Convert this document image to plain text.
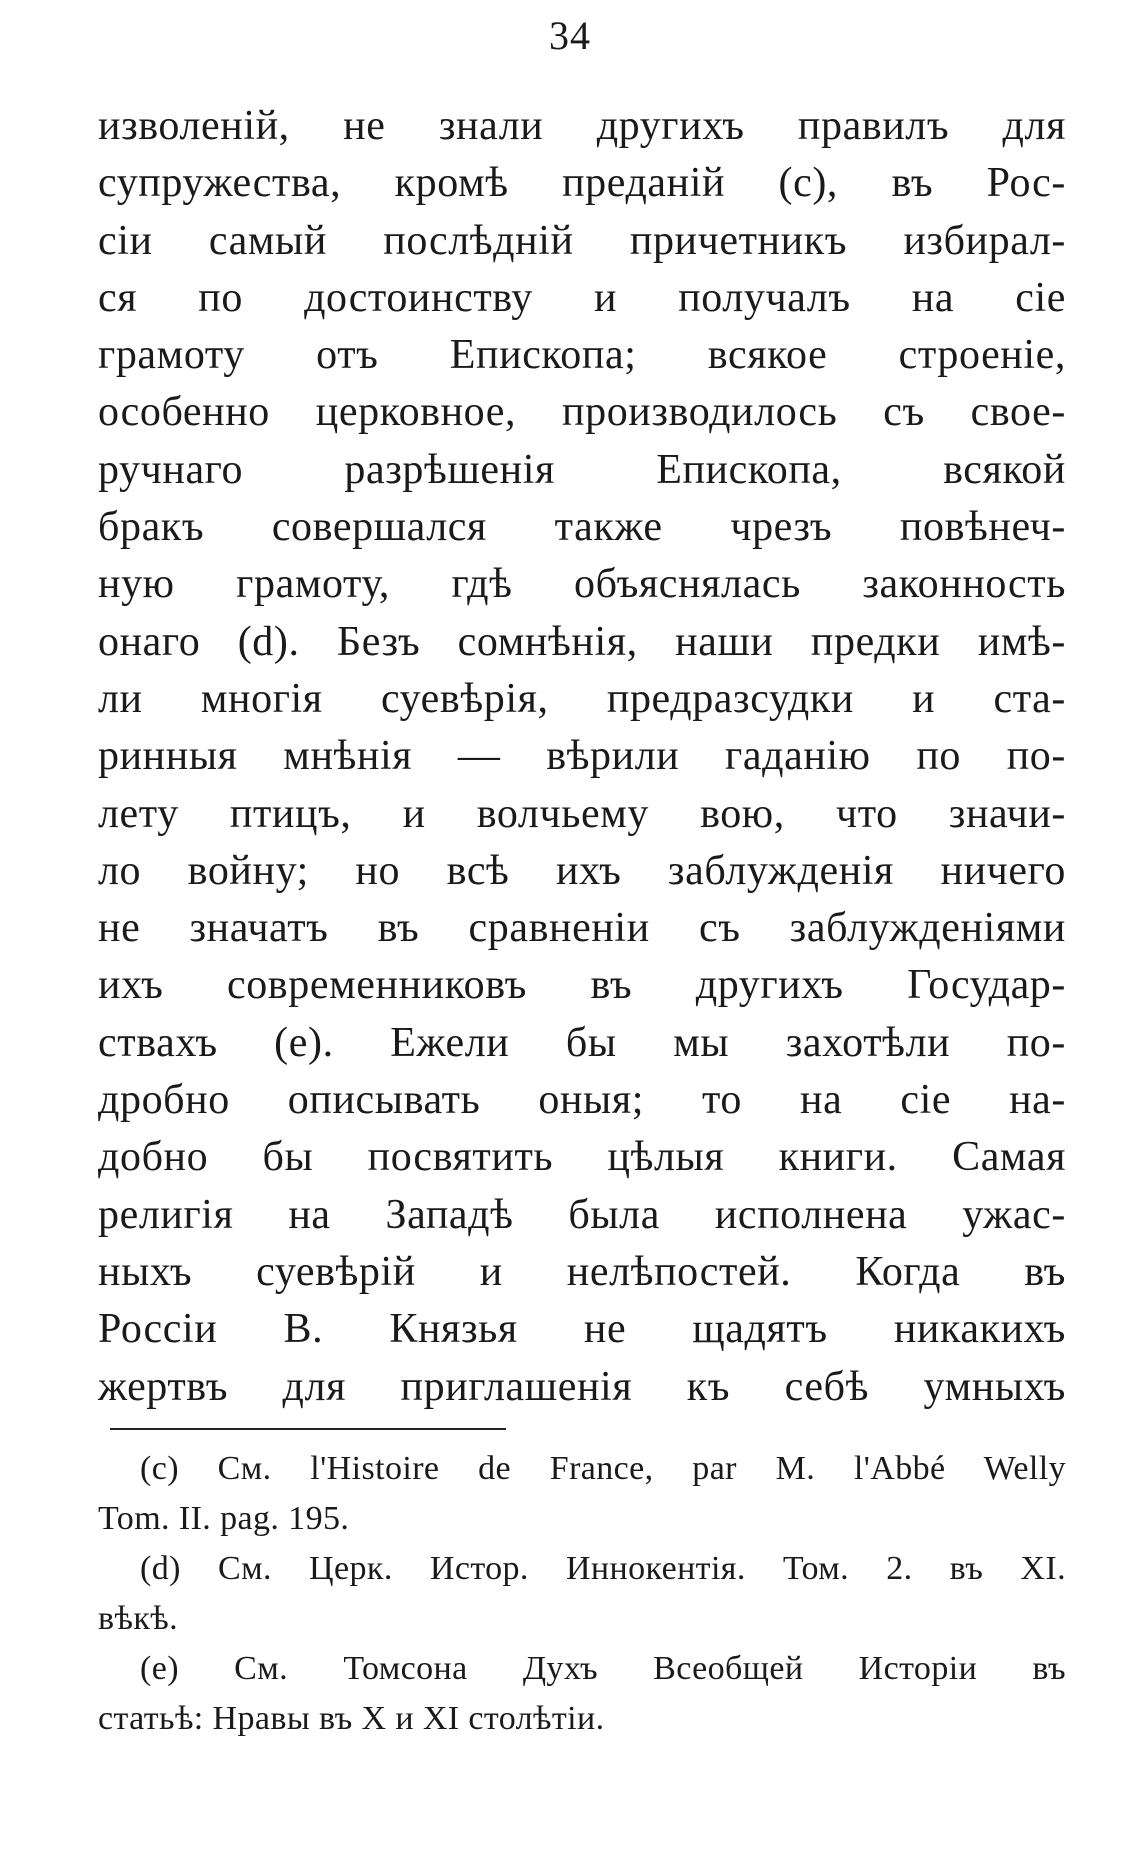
34
изволеній, не знали другихъ правилъ для
супружества, кромѣ преданій (с), въ Рос-
сіи самый послѣдній причетникъ избирал-
ся по достоинству и получалъ на сіе
грамоту отъ Епископа; всякое строеніе,
особенно церковное, производилось съ свое-
ручнаго разрѣшенія Епископа, всякой
бракъ совершался также чрезъ повѣнеч-
ную грамоту, гдѣ объяснялась законность
онаго (d). Безъ сомнѣнія, наши предки имѣ-
ли многія суевѣрія, предразсудки и ста-
ринныя мнѣнія — вѣрили гаданію по по-
лету птицъ, и волчьему вою, что значи-
ло войну; но всѣ ихъ заблужденія ничего
не значатъ въ сравненіи съ заблужденіями
ихъ современниковъ въ другихъ Государ-
ствахъ (е). Ежели бы мы захотѣли по-
дробно описывать оныя; то на сіе на-
добно бы посвятить цѣлыя книги. Самая
религія на Западѣ была исполнена ужас-
ныхъ суевѣрій и нелѣпостей. Когда въ
Россіи В. Князья не щадятъ никакихъ
жертвъ для приглашенія къ себѣ умныхъ
(с) См. l'Histoire de France, par M. l'Abbé Welly
Tom. II. pag. 195.
(d) См. Церк. Истор. Иннокентія. Том. 2. въ XI.
вѣкѣ.
(е) См. Томсона Духъ Всеобщей Исторіи въ
статьѣ: Нравы въ X и XI столѣтіи.
